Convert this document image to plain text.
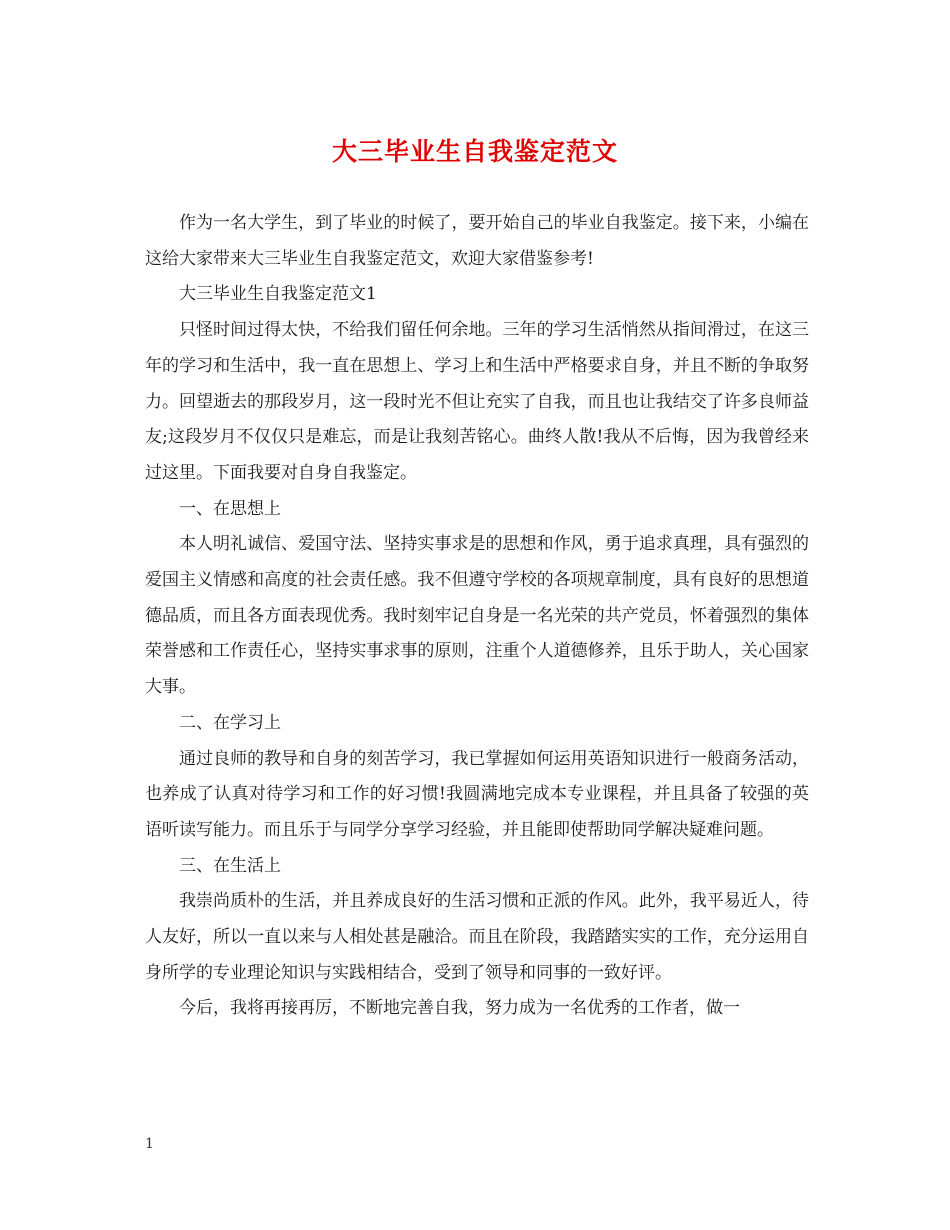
大三毕业生自我鉴定范文

作为一名大学生，到了毕业的时候了，要开始自己的毕业自我鉴定。接下来，小编在这给大家带来大三毕业生自我鉴定范文，欢迎大家借鉴参考!

大三毕业生自我鉴定范文1

只怪时间过得太快，不给我们留任何余地。三年的学习生活悄然从指间滑过，在这三年的学习和生活中，我一直在思想上、学习上和生活中严格要求自身，并且不断的争取努力。回望逝去的那段岁月，这一段时光不但让充实了自我，而且也让我结交了许多良师益友;这段岁月不仅仅只是难忘，而是让我刻苦铭心。曲终人散!我从不后悔，因为我曾经来过这里。下面我要对自身自我鉴定。

一、在思想上

本人明礼诚信、爱国守法、坚持实事求是的思想和作风，勇于追求真理，具有强烈的爱国主义情感和高度的社会责任感。我不但遵守学校的各项规章制度，具有良好的思想道德品质，而且各方面表现优秀。我时刻牢记自身是一名光荣的共产党员，怀着强烈的集体荣誉感和工作责任心，坚持实事求事的原则，注重个人道德修养，且乐于助人，关心国家大事。

二、在学习上

通过良师的教导和自身的刻苦学习，我已掌握如何运用英语知识进行一般商务活动，也养成了认真对待学习和工作的好习惯!我圆满地完成本专业课程，并且具备了较强的英语听读写能力。而且乐于与同学分享学习经验，并且能即使帮助同学解决疑难问题。

三、在生活上

我崇尚质朴的生活，并且养成良好的生活习惯和正派的作风。此外，我平易近人，待人友好，所以一直以来与人相处甚是融洽。而且在阶段，我踏踏实实的工作，充分运用自身所学的专业理论知识与实践相结合，受到了领导和同事的一致好评。

今后，我将再接再厉，不断地完善自我，努力成为一名优秀的工作者，做一

1
